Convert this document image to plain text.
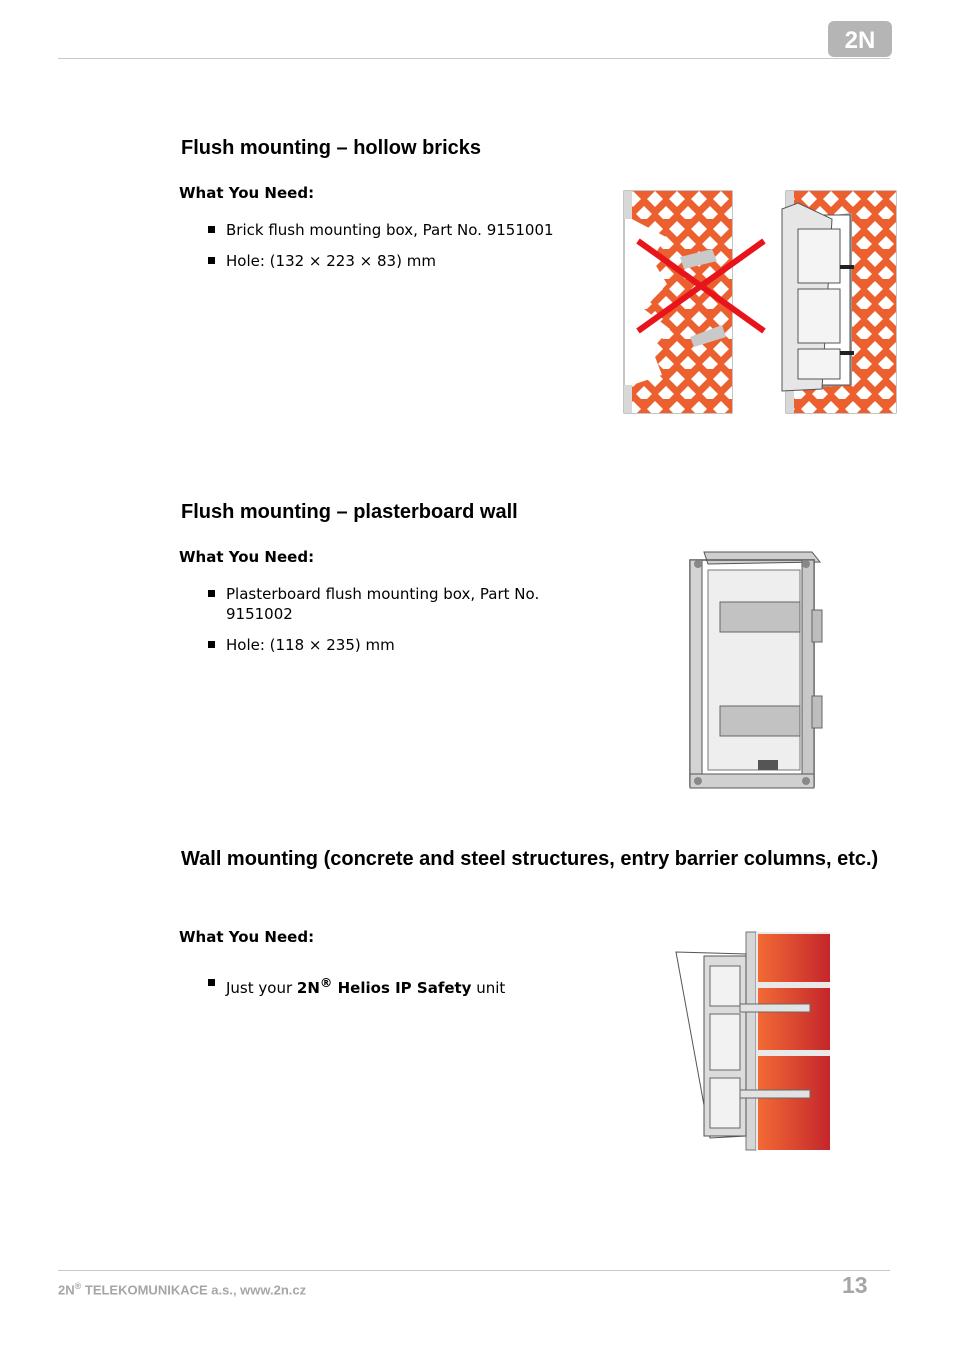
2N
Flush mounting – hollow bricks
What You Need:
Brick flush mounting box, Part No. 9151001
Hole: (132 × 223 × 83) mm
Flush mounting – plasterboard wall
What You Need:
Plasterboard flush mounting box, Part No. 9151002
Hole: (118 × 235) mm
Wall mounting (concrete and steel structures, entry barrier columns, etc.)
What You Need:
Just your 2N® Helios IP Safety unit
2N® TELEKOMUNIKACE a.s., www.2n.cz	13
